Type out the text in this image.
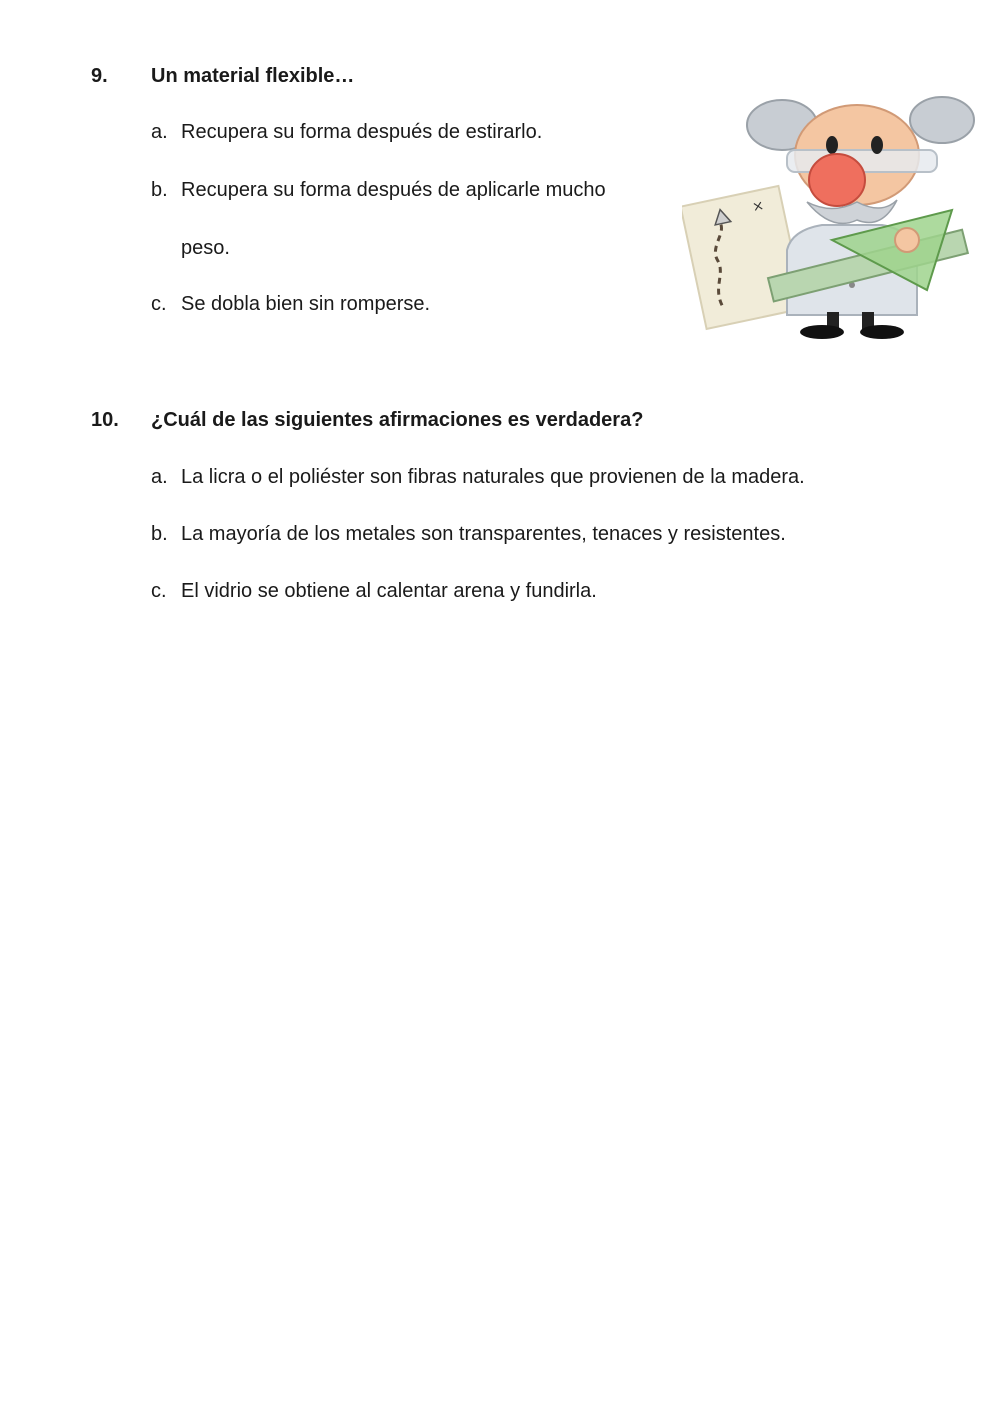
9. Un material flexible…
a. Recupera su forma después de estirarlo.
b. Recupera su forma después de aplicarle mucho
peso.
c. Se dobla bien sin romperse.
×
10. ¿Cuál de las siguientes afirmaciones es verdadera?
a. La licra o el poliéster son fibras naturales que provienen de la madera.
b. La mayoría de los metales son transparentes, tenaces y resistentes.
c. El vidrio se obtiene al calentar arena y fundirla.
